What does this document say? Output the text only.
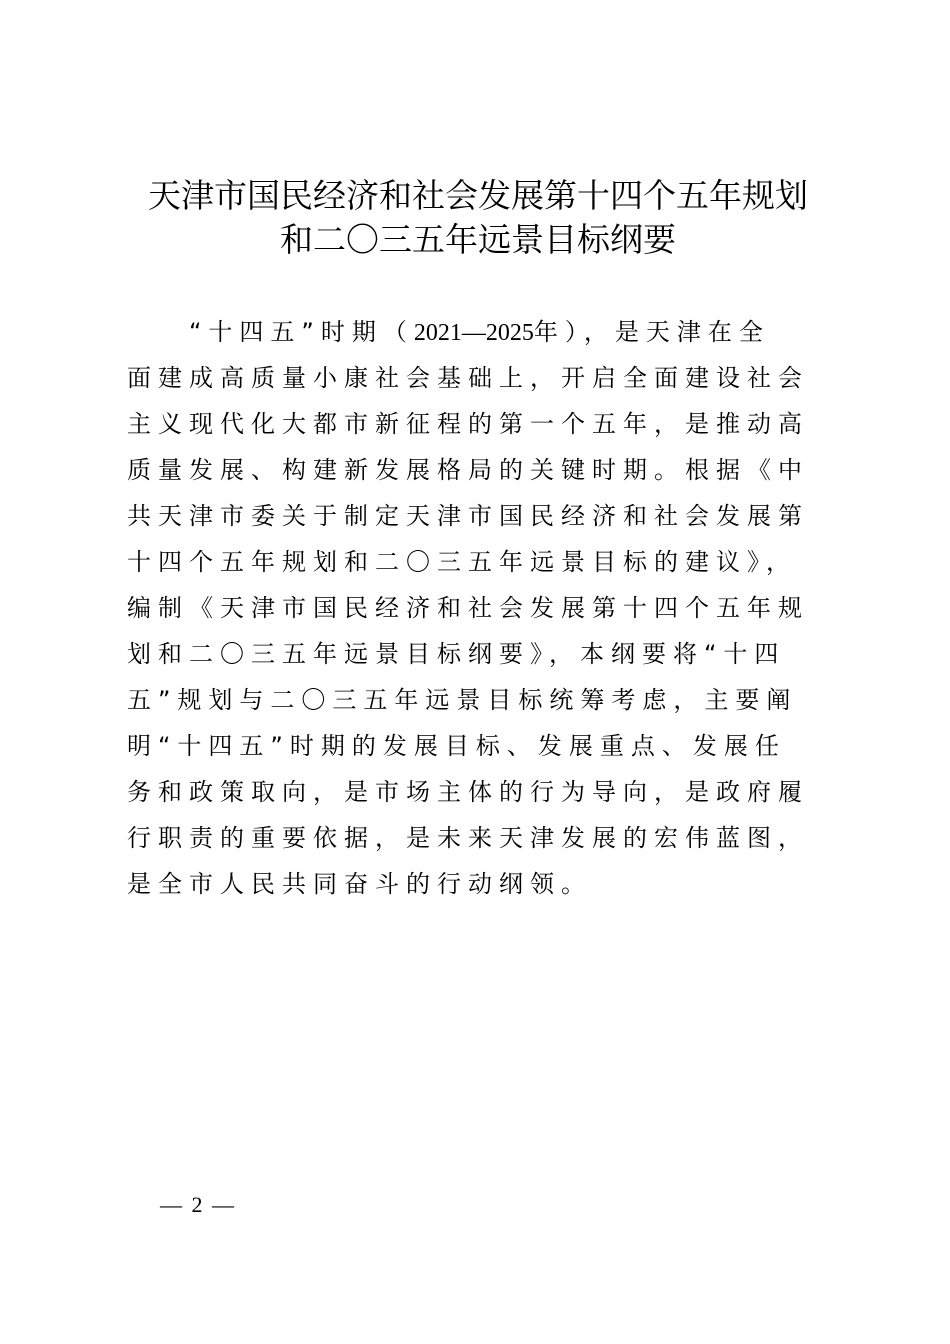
天津市国民经济和社会发展第十四个五年规划
和二〇三五年远景目标纲要

“十四五”时期（2021—2025年），是天津在全

面建成高质量小康社会基础上，开启全面建设社会

主义现代化大都市新征程的第一个五年，是推动高

质量发展、构建新发展格局的关键时期。根据《中

共天津市委关于制定天津市国民经济和社会发展第

十四个五年规划和二〇三五年远景目标的建议》，

编制《天津市国民经济和社会发展第十四个五年规

划和二〇三五年远景目标纲要》，本纲要将“十四

五”规划与二〇三五年远景目标统筹考虑，主要阐

明“十四五”时期的发展目标、发展重点、发展任

务和政策取向，是市场主体的行为导向，是政府履

行职责的重要依据，是未来天津发展的宏伟蓝图，

是全市人民共同奋斗的行动纲领。

— 2 —
